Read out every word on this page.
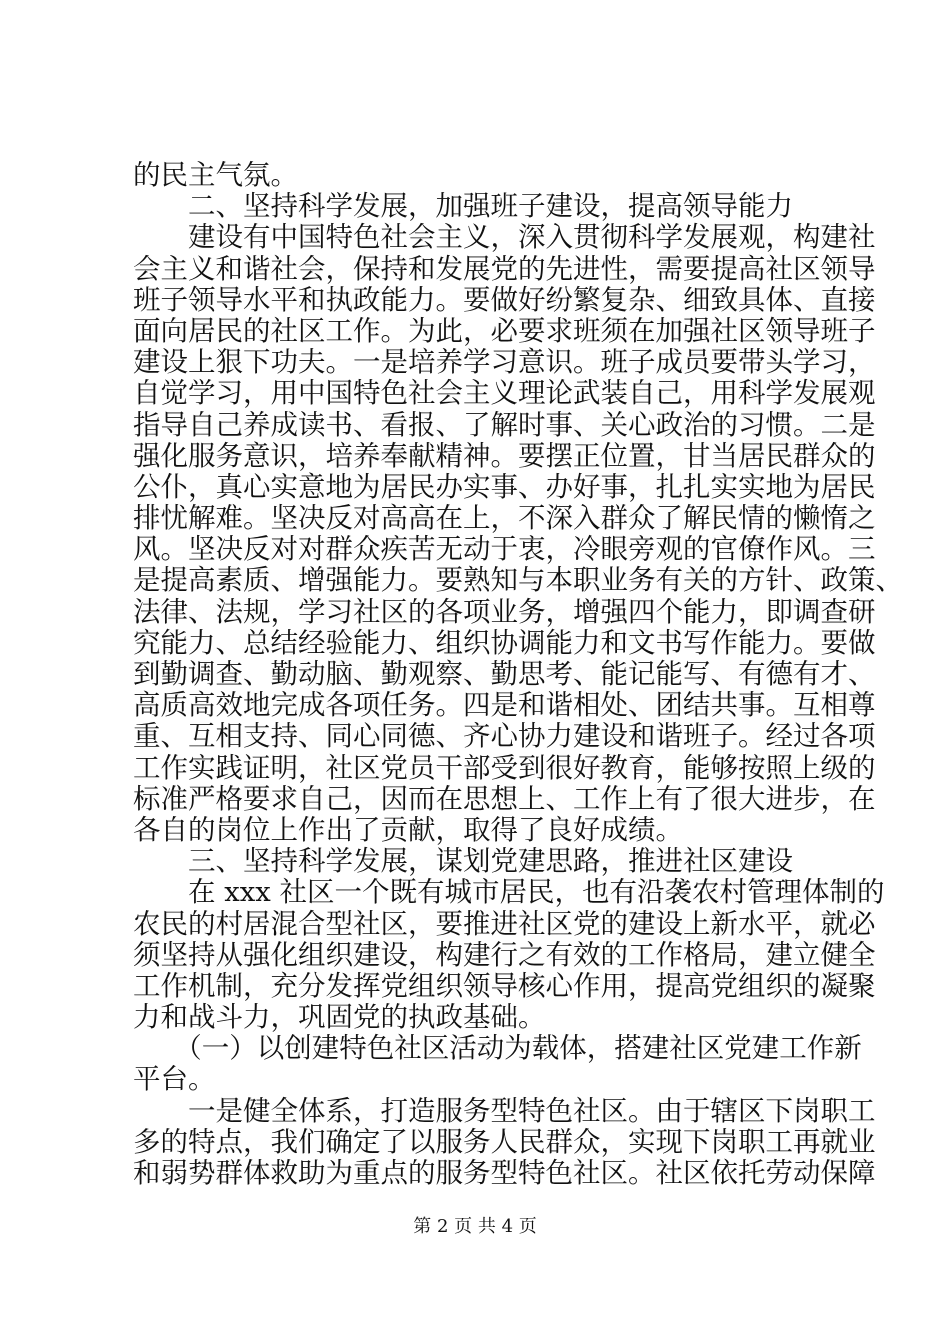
的民主气氛。
　　二、坚持科学发展，加强班子建设，提高领导能力
　　建设有中国特色社会主义，深入贯彻科学发展观，构建社
会主义和谐社会，保持和发展党的先进性，需要提高社区领导
班子领导水平和执政能力。要做好纷繁复杂、细致具体、直接
面向居民的社区工作。为此，必要求班须在加强社区领导班子
建设上狠下功夫。一是培养学习意识。班子成员要带头学习，
自觉学习，用中国特色社会主义理论武装自己，用科学发展观
指导自己养成读书、看报、了解时事、关心政治的习惯。二是
强化服务意识，培养奉献精神。要摆正位置，甘当居民群众的
公仆，真心实意地为居民办实事、办好事，扎扎实实地为居民
排忧解难。坚决反对高高在上，不深入群众了解民情的懒惰之
风。坚决反对对群众疾苦无动于衷，冷眼旁观的官僚作风。三
是提高素质、增强能力。要熟知与本职业务有关的方针、政策、
法律、法规，学习社区的各项业务，增强四个能力，即调查研
究能力、总结经验能力、组织协调能力和文书写作能力。要做
到勤调查、勤动脑、勤观察、勤思考、能记能写、有德有才、
高质高效地完成各项任务。四是和谐相处、团结共事。互相尊
重、互相支持、同心同德、齐心协力建设和谐班子。经过各项
工作实践证明，社区党员干部受到很好教育，能够按照上级的
标准严格要求自己，因而在思想上、工作上有了很大进步，在
各自的岗位上作出了贡献，取得了良好成绩。
　　三、坚持科学发展，谋划党建思路，推进社区建设
　　在 xxx 社区一个既有城市居民，也有沿袭农村管理体制的
农民的村居混合型社区，要推进社区党的建设上新水平，就必
须坚持从强化组织建设，构建行之有效的工作格局，建立健全
工作机制，充分发挥党组织领导核心作用，提高党组织的凝聚
力和战斗力，巩固党的执政基础。
　　（一）以创建特色社区活动为载体，搭建社区党建工作新
平台。
　　一是健全体系，打造服务型特色社区。由于辖区下岗职工
多的特点，我们确定了以服务人民群众，实现下岗职工再就业
和弱势群体救助为重点的服务型特色社区。社区依托劳动保障
第 2 页 共 4 页
